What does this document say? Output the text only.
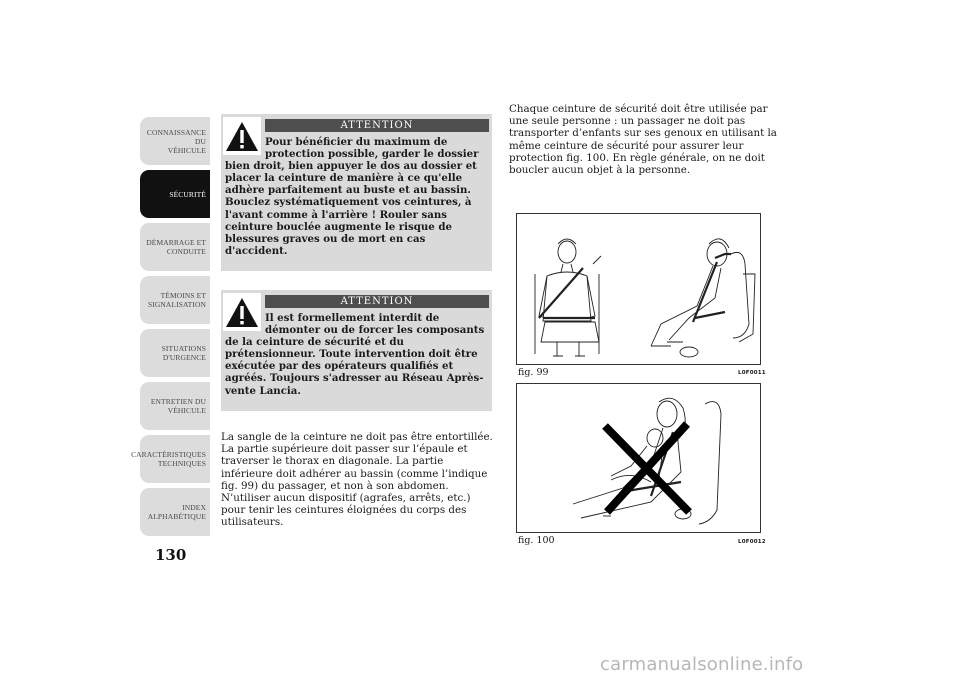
CONNAISSANCE DU
VÉHICULE
SÉCURITÉ
DÉMARRAGE ET
CONDUITE
TÉMOINS ET
SIGNALISATION
SITUATIONS
D'URGENCE
ENTRETIEN DU
VÉHICULE
CARACTÉRISTIQUES
TECHNIQUES
INDEX
ALPHABÉTIQUE
130
ATTENTION
Pour bénéficier du maximum de protection possible, garder le dossier
bien droit, bien appuyer le dos au dossier et placer la ceinture de manière à ce qu'elle adhère parfaitement au buste et au bassin. Bouclez systématiquement vos ceintures, à l'avant comme à l'arrière ! Rouler sans ceinture bouclée augmente le risque de blessures graves ou de mort en cas d'accident.
ATTENTION
Il est formellement interdit de démonter ou de forcer les composants
de la ceinture de sécurité et du prétensionneur. Toute intervention doit être exécutée par des opérateurs qualifiés et agréés. Toujours s'adresser au Réseau Après-vente Lancia.
La sangle de la ceinture ne doit pas être entortillée. La partie supérieure doit passer sur l’épaule et traverser le thorax en diagonale. La partie inférieure doit adhérer au bassin (comme l’indique fig. 99) du passager, et non à son abdomen. N’utiliser aucun dispositif (agrafes, arrêts, etc.) pour tenir les ceintures éloignées du corps des utilisateurs.
Chaque ceinture de sécurité doit être utilisée par une seule personne : un passager ne doit pas transporter d’enfants sur ses genoux en utilisant la même ceinture de sécurité pour assurer leur protection fig. 100. En règle générale, on ne doit boucler aucun objet à la personne.
fig. 99	L0F0011
fig. 100	L0F0012
carmanualsonline.info
